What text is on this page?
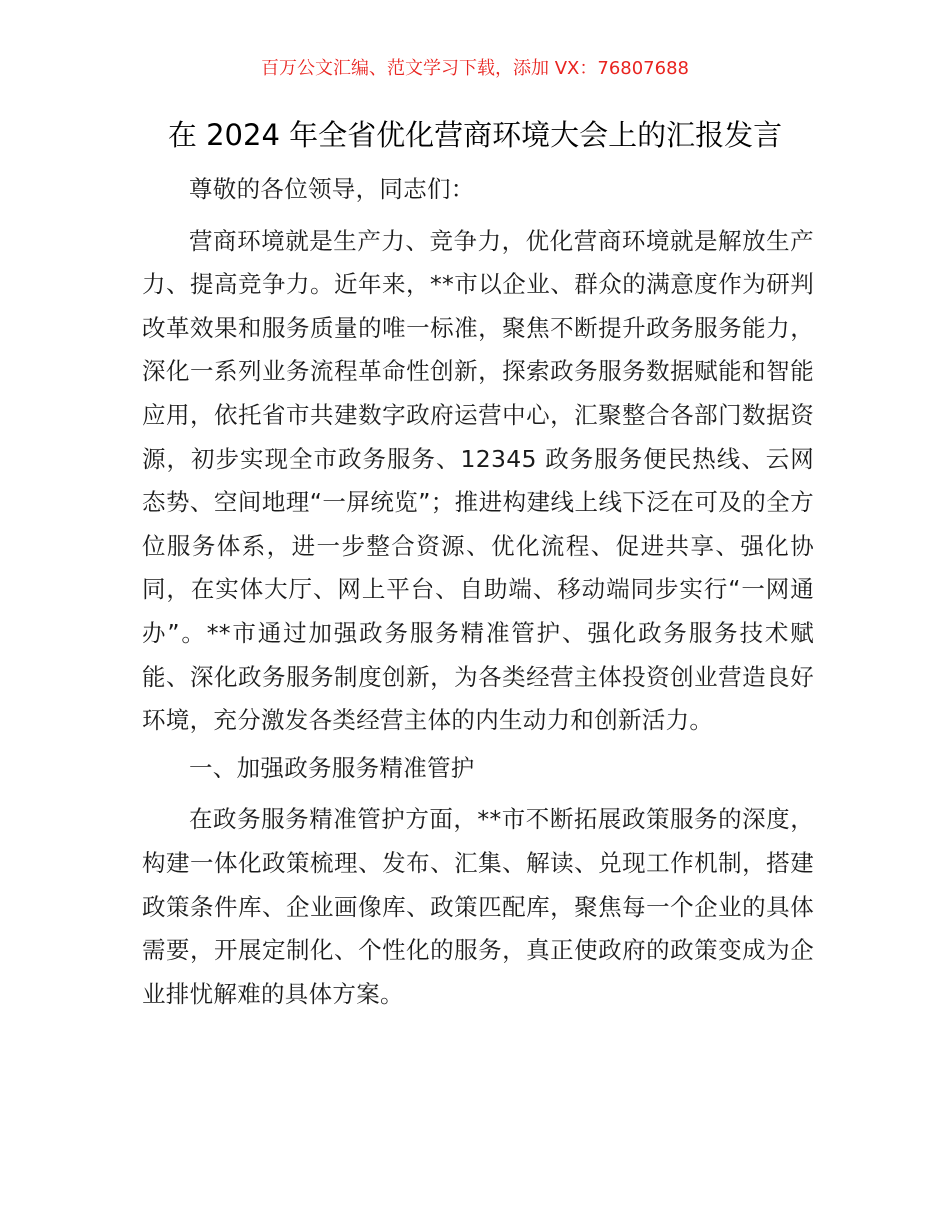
百万公文汇编、范文学习下载，添加 VX：76807688
在 2024 年全省优化营商环境大会上的汇报发言

尊敬的各位领导，同志们：

营商环境就是生产力、竞争力，优化营商环境就是解放生产力、提高竞争力。近年来，**市以企业、群众的满意度作为研判改革效果和服务质量的唯一标准，聚焦不断提升政务服务能力，深化一系列业务流程革命性创新，探索政务服务数据赋能和智能应用，依托省市共建数字政府运营中心，汇聚整合各部门数据资源，初步实现全市政务服务、12345 政务服务便民热线、云网态势、空间地理“一屏统览”；推进构建线上线下泛在可及的全方位服务体系，进一步整合资源、优化流程、促进共享、强化协同，在实体大厅、网上平台、自助端、移动端同步实行“一网通办”。**市通过加强政务服务精准管护、强化政务服务技术赋能、深化政务服务制度创新，为各类经营主体投资创业营造良好环境，充分激发各类经营主体的内生动力和创新活力。

一、加强政务服务精准管护

在政务服务精准管护方面，**市不断拓展政策服务的深度，构建一体化政策梳理、发布、汇集、解读、兑现工作机制，搭建政策条件库、企业画像库、政策匹配库，聚焦每一个企业的具体需要，开展定制化、个性化的服务，真正使政府的政策变成为企业排忧解难的具体方案。
